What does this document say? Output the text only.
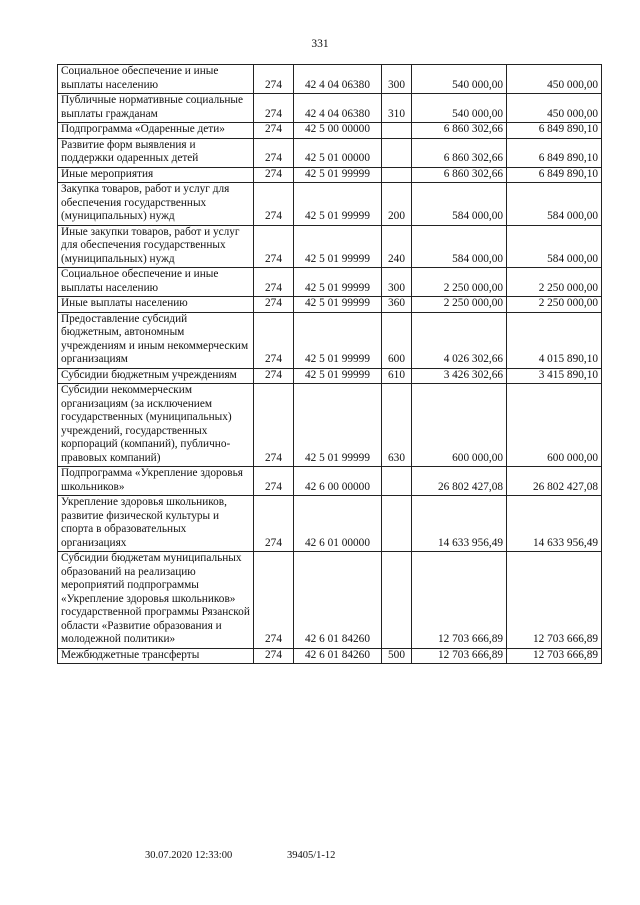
331
Социальное обеспечение и иные выплаты населению	274	42 4 04 06380	300	540 000,00	450 000,00
Публичные нормативные социальные выплаты гражданам	274	42 4 04 06380	310	540 000,00	450 000,00
Подпрограмма «Одаренные дети»	274	42 5 00 00000		6 860 302,66	6 849 890,10
Развитие форм выявления и поддержки одаренных детей	274	42 5 01 00000		6 860 302,66	6 849 890,10
Иные мероприятия	274	42 5 01 99999		6 860 302,66	6 849 890,10
Закупка товаров, работ и услуг для обеспечения государственных (муниципальных) нужд	274	42 5 01 99999	200	584 000,00	584 000,00
Иные закупки товаров, работ и услуг для обеспечения государственных (муниципальных) нужд	274	42 5 01 99999	240	584 000,00	584 000,00
Социальное обеспечение и иные выплаты населению	274	42 5 01 99999	300	2 250 000,00	2 250 000,00
Иные выплаты населению	274	42 5 01 99999	360	2 250 000,00	2 250 000,00
Предоставление субсидий бюджетным, автономным учреждениям и иным некоммерческим организациям	274	42 5 01 99999	600	4 026 302,66	4 015 890,10
Субсидии бюджетным учреждениям	274	42 5 01 99999	610	3 426 302,66	3 415 890,10
Субсидии некоммерческим организациям (за исключением государственных (муниципальных) учреждений, государственных корпораций (компаний), публично-правовых компаний)	274	42 5 01 99999	630	600 000,00	600 000,00
Подпрограмма «Укрепление здоровья школьников»	274	42 6 00 00000		26 802 427,08	26 802 427,08
Укрепление здоровья школьников, развитие физической культуры и спорта в образовательных организациях	274	42 6 01 00000		14 633 956,49	14 633 956,49
Субсидии бюджетам муниципальных образований на реализацию мероприятий подпрограммы «Укрепление здоровья школьников» государственной программы Рязанской области «Развитие образования и молодежной политики»	274	42 6 01 84260		12 703 666,89	12 703 666,89
Межбюджетные трансферты	274	42 6 01 84260	500	12 703 666,89	12 703 666,89
30.07.2020 12:33:00	39405/1-12
